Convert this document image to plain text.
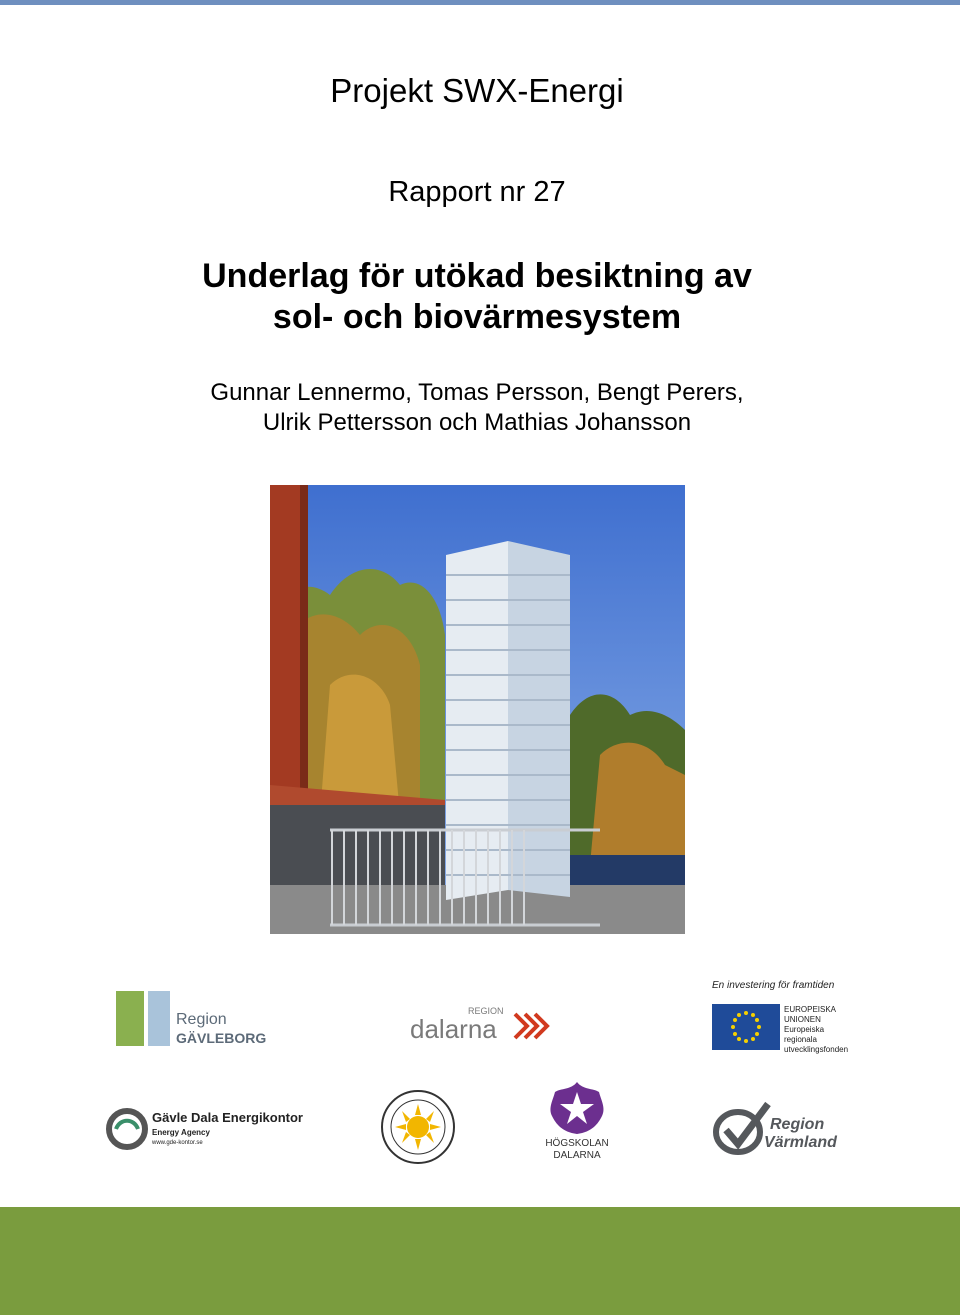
Projekt SWX-Energi
Rapport nr 27
Underlag för utökad besiktning av
sol- och biovärmesystem
Gunnar Lennermo, Tomas Persson, Bengt Perers,
Ulrik Pettersson och Mathias Johansson
Region
GÄVLEBORG
REGION
dalarna
En investering för framtiden
EUROPEISKA
UNIONEN
Europeiska
regionala
utvecklingsfonden
Gävle Dala Energikontor
Energy Agency
www.gde-kontor.se	HÖGSKOLAN
DALARNA
Region
Värmland
